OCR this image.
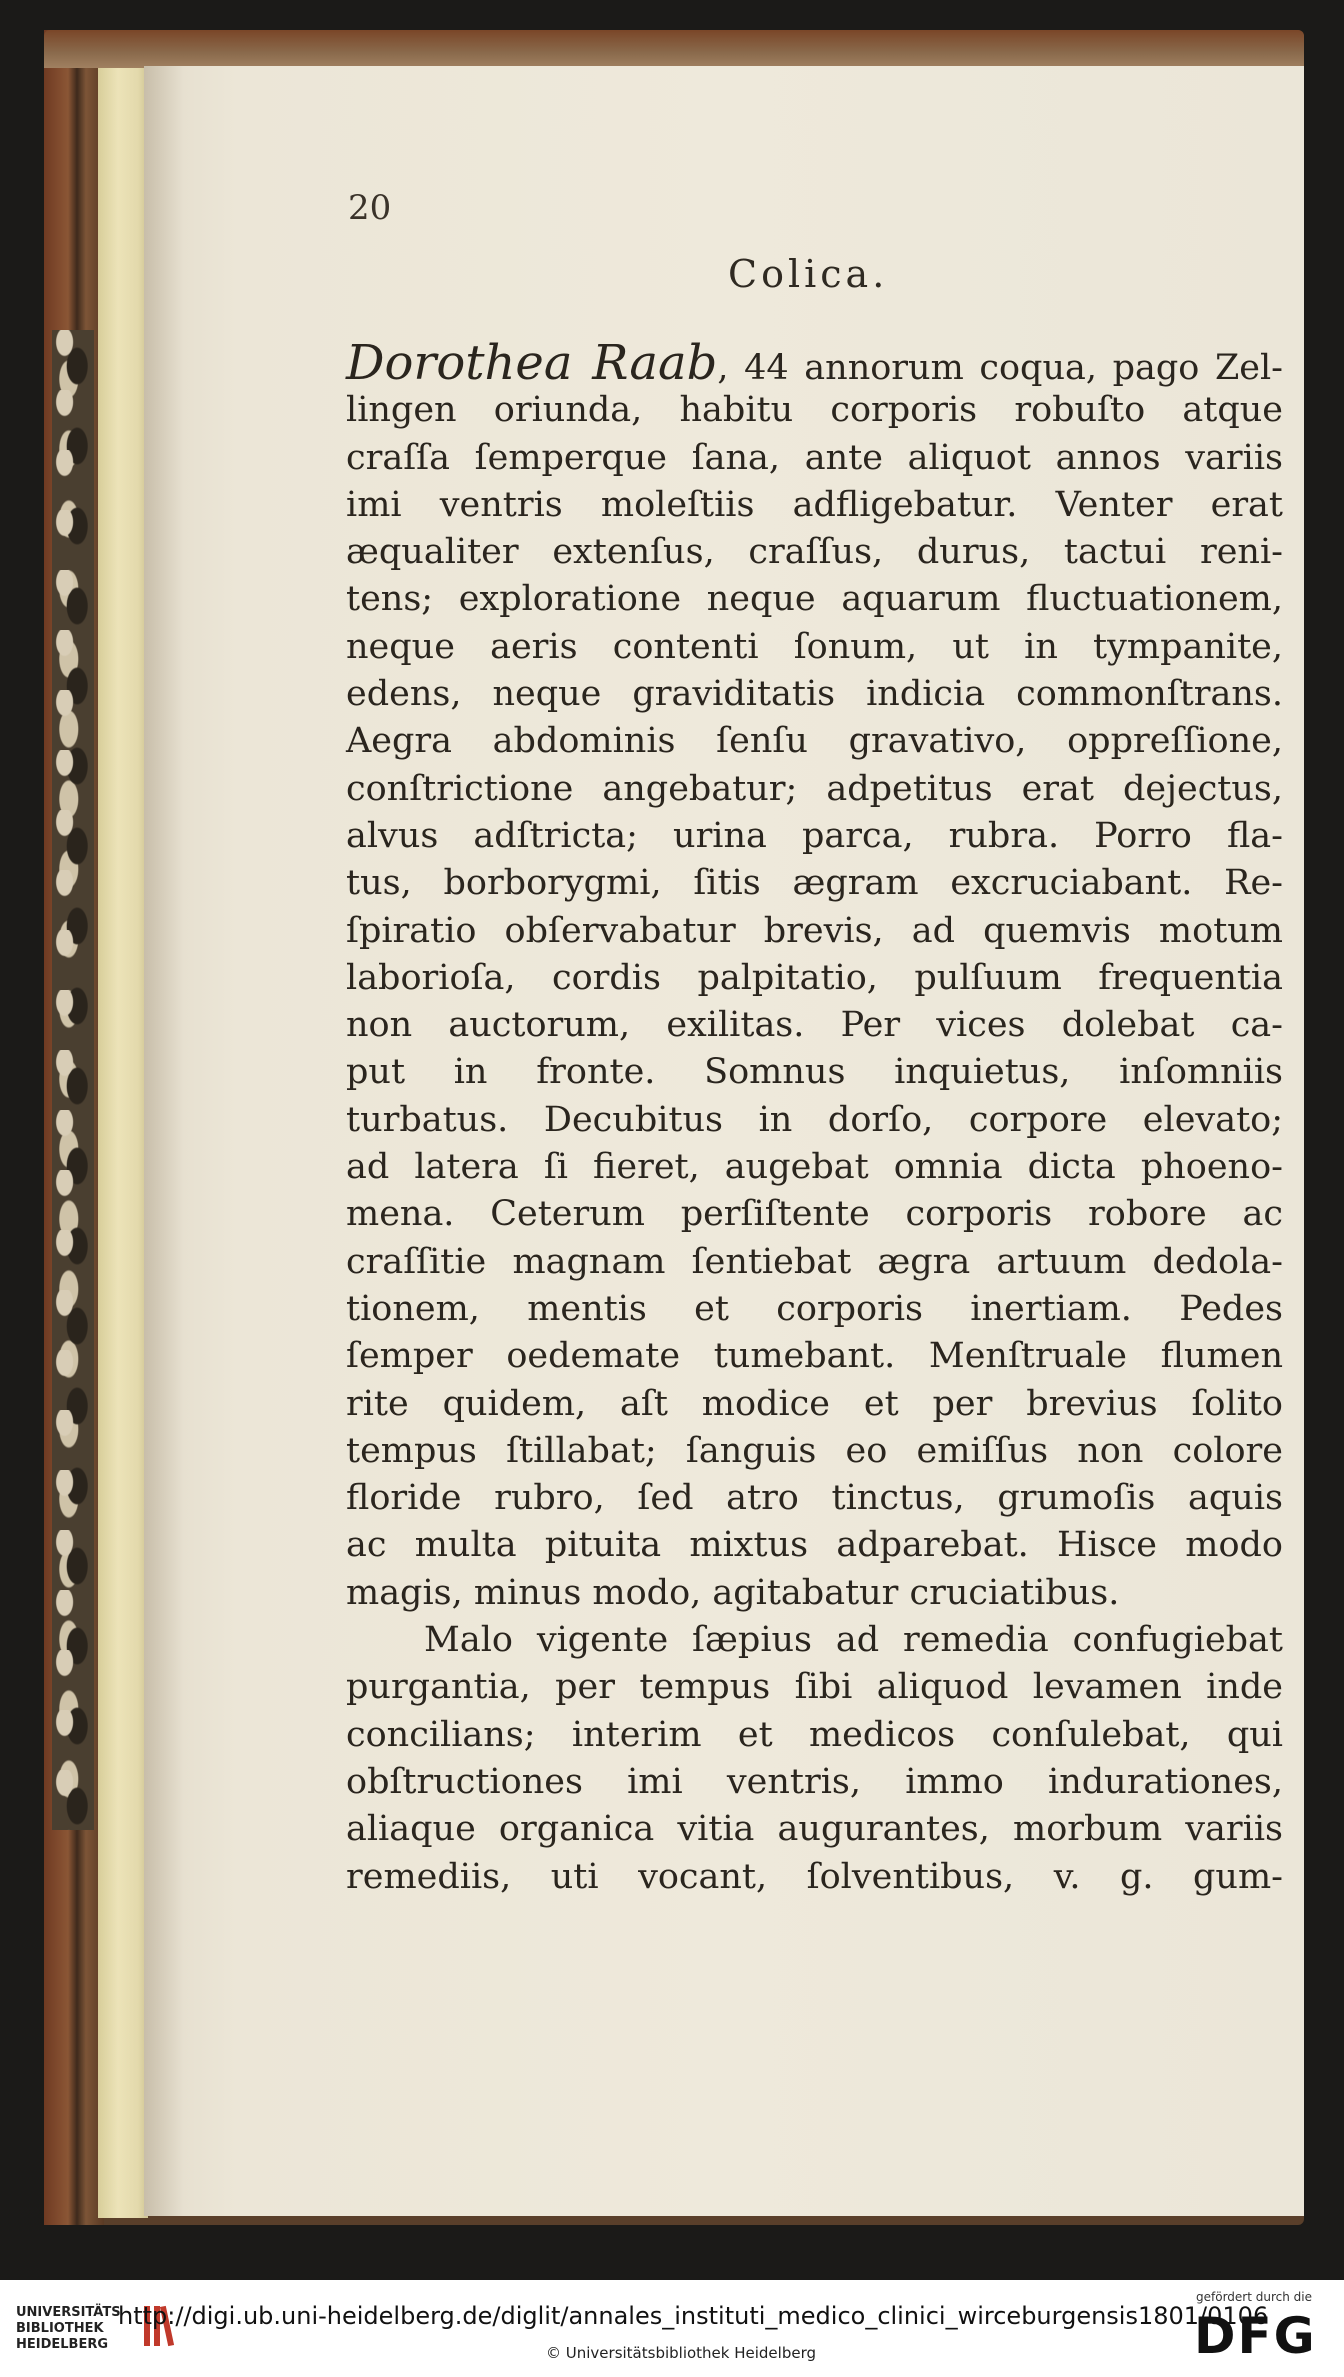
20
Colica.
Dorothea Raab, 44 annorum coqua, pago Zel-
lingen oriunda, habitu corporis robuſto atque
craſſa ſemperque ſana, ante aliquot annos variis
imi ventris moleſtiis adfligebatur. Venter erat
æqualiter extenſus, craſſus, durus, tactui reni-
tens; exploratione neque aquarum fluctuationem,
neque aeris contenti ſonum, ut in tympanite,
edens, neque graviditatis indicia commonſtrans.
Aegra abdominis ſenſu gravativo, oppreſſione,
conſtrictione angebatur; adpetitus erat dejectus,
alvus adſtricta; urina parca, rubra. Porro fla-
tus, borborygmi, ſitis ægram excruciabant. Re-
ſpiratio obſervabatur brevis, ad quemvis motum
laborioſa, cordis palpitatio, pulſuum frequentia
non auctorum, exilitas. Per vices dolebat ca-
put in fronte. Somnus inquietus, inſomniis
turbatus. Decubitus in dorſo, corpore elevato;
ad latera ſi fieret, augebat omnia dicta phoeno-
mena. Ceterum perſiſtente corporis robore ac
craſſitie magnam ſentiebat ægra artuum dedola-
tionem, mentis et corporis inertiam. Pedes
ſemper oedemate tumebant. Menſtruale flumen
rite quidem, aſt modice et per brevius ſolito
tempus ſtillabat; ſanguis eo emiſſus non colore
floride rubro, ſed atro tinctus, grumoſis aquis
ac multa pituita mixtus adparebat. Hisce modo
magis, minus modo, agitabatur cruciatibus.
Malo vigente ſæpius ad remedia confugiebat
purgantia, per tempus ſibi aliquod levamen inde
concilians; interim et medicos conſulebat, qui
obſtructiones imi ventris, immo indurationes,
aliaque organica vitia augurantes, morbum variis
remediis, uti vocant, ſolventibus, v. g. gum-
UNIVERSITÄTS BIBLIOTHEK HEIDELBERG
http://digi.ub.uni-heidelberg.de/diglit/annales_instituti_medico_clinici_wirceburgensis1801/0106
© Universitätsbibliothek Heidelberg
gefördert durch die
DFG
